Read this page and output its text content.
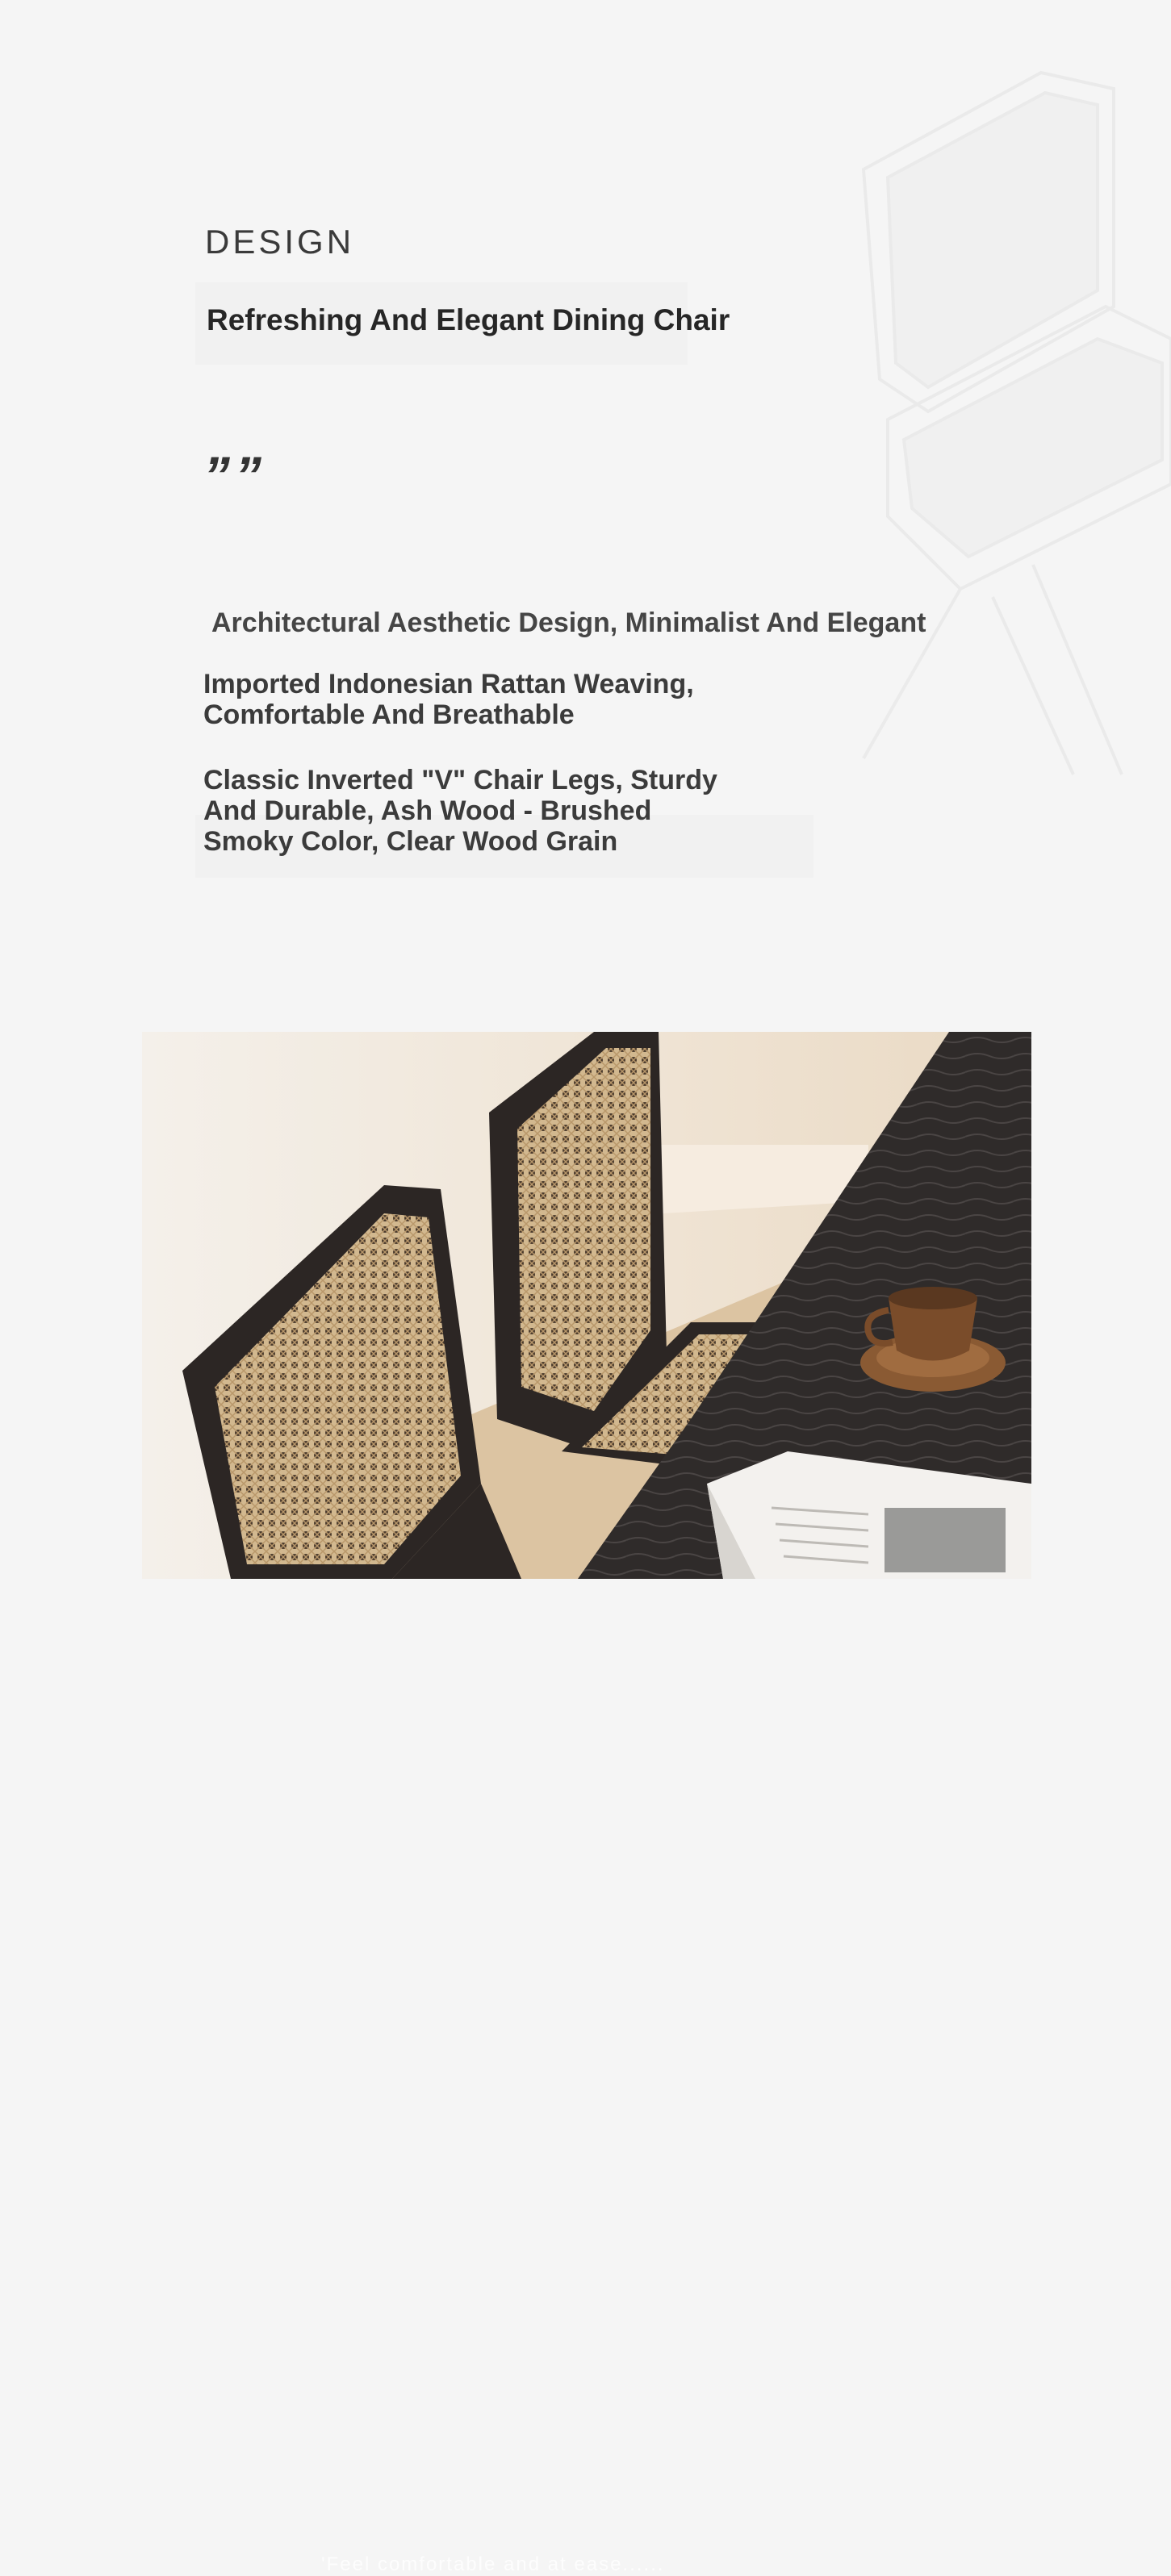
DESIGN
Refreshing And Elegant Dining Chair
””
Architectural Aesthetic Design, Minimalist And Elegant
Imported Indonesian Rattan Weaving, Comfortable And Breathable
Classic Inverted "V" Chair Legs, Sturdy And Durable, Ash Wood - Brushed Smoky Color, Clear Wood Grain
'Feel comfortable and at ease......
